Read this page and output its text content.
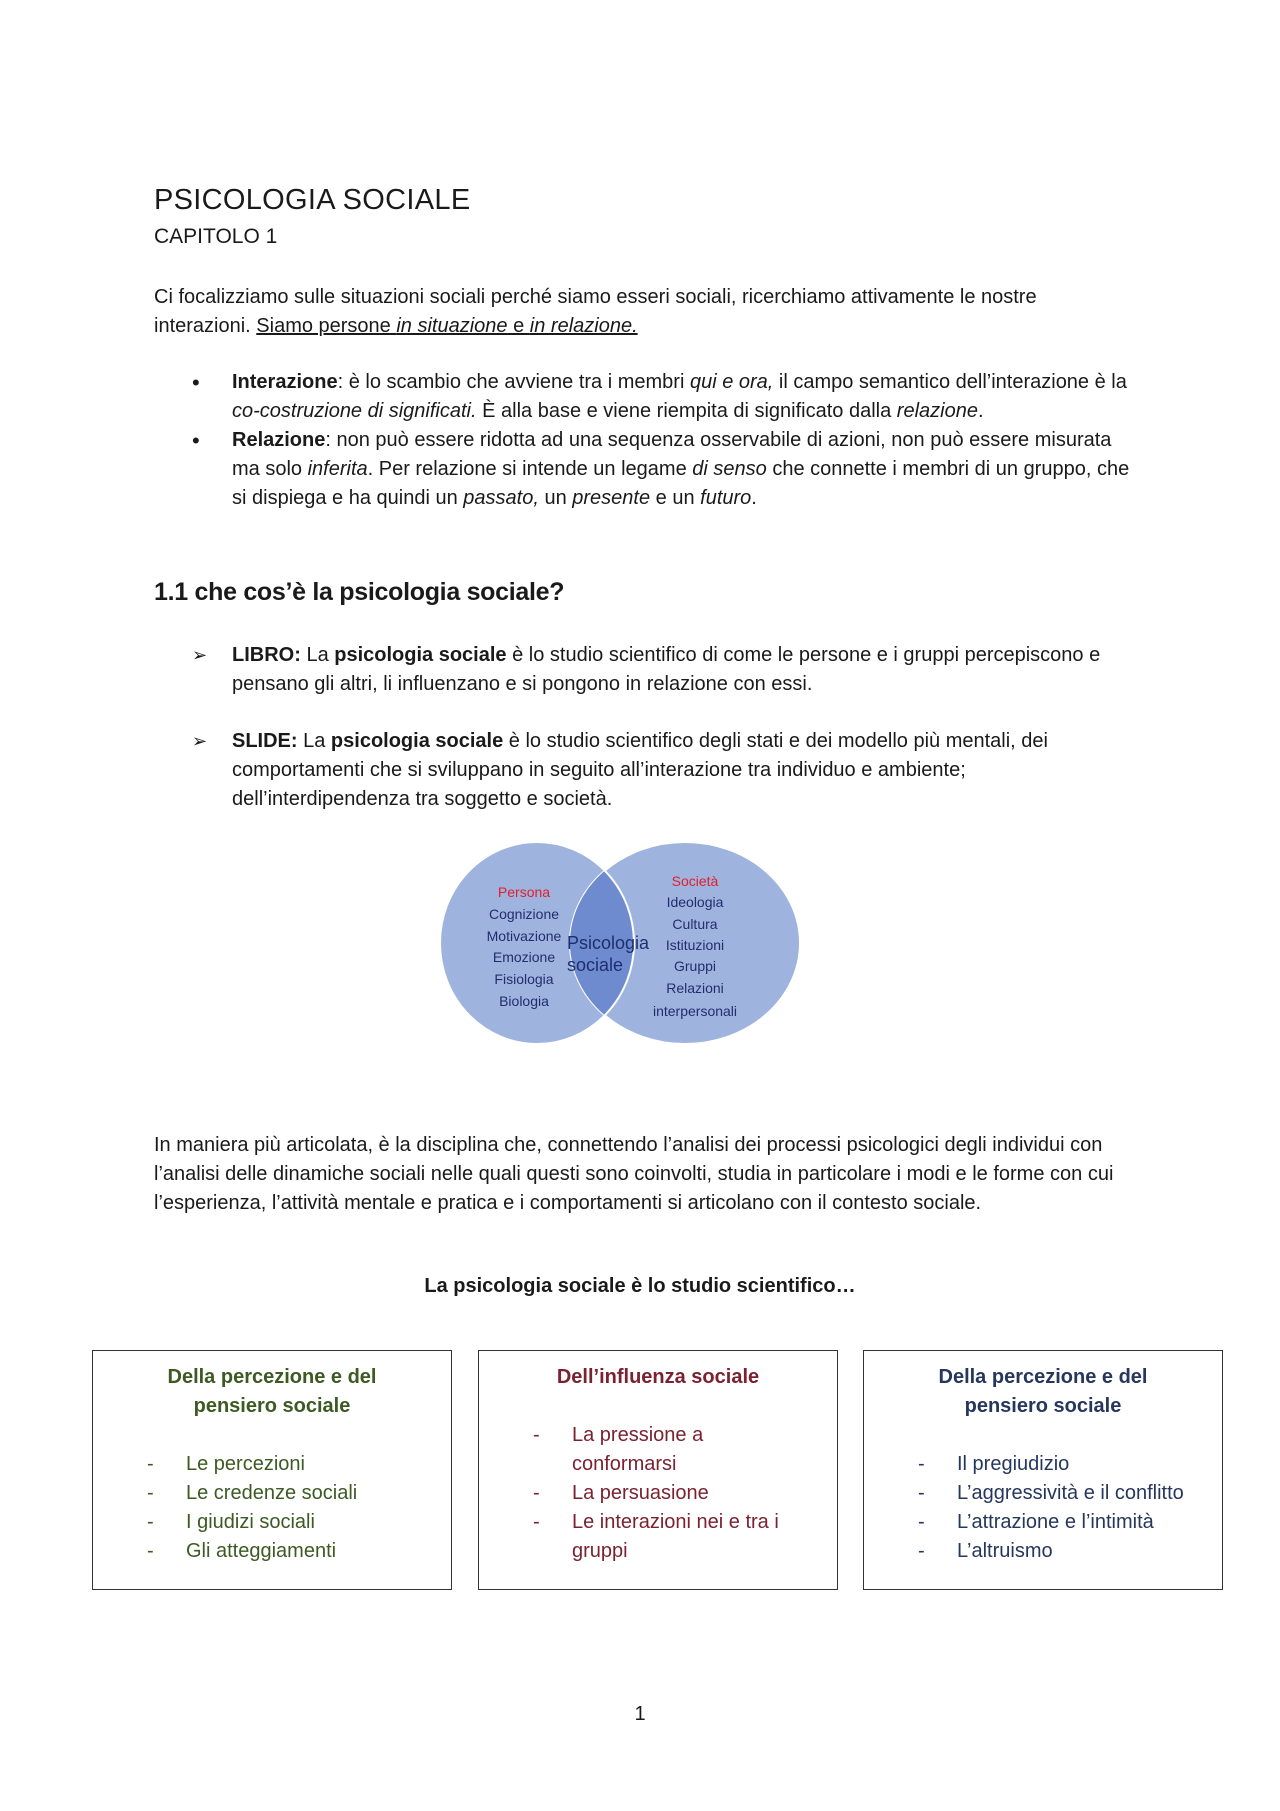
PSICOLOGIA SOCIALE
CAPITOLO 1
Ci focalizziamo sulle situazioni sociali perché siamo esseri sociali, ricerchiamo attivamente le nostre interazioni. Siamo persone in situazione e in relazione.
• Interazione: è lo scambio che avviene tra i membri qui e ora, il campo semantico dell’interazione è la co-costruzione di significati. È alla base e viene riempita di significato dalla relazione.
• Relazione: non può essere ridotta ad una sequenza osservabile di azioni, non può essere misurata ma solo inferita. Per relazione si intende un legame di senso che connette i membri di un gruppo, che si dispiega e ha quindi un passato, un presente e un futuro.
1.1 che cos’è la psicologia sociale?
➢ LIBRO: La psicologia sociale è lo studio scientifico di come le persone e i gruppi percepiscono e pensano gli altri, li influenzano e si pongono in relazione con essi.
➢ SLIDE: La psicologia sociale è lo studio scientifico degli stati e dei modello più mentali, dei comportamenti che si sviluppano in seguito all’interazione tra individuo e ambiente; dell’interdipendenza tra soggetto e società.
Persona
Cognizione
Motivazione
Emozione
Fisiologia
Biologia
Psicologia
sociale
Società
Ideologia
Cultura
Istituzioni
Gruppi
Relazioni
interpersonali
In maniera più articolata, è la disciplina che, connettendo l’analisi dei processi psicologici degli individui con l’analisi delle dinamiche sociali nelle quali questi sono coinvolti, studia in particolare i modi e le forme con cui l’esperienza, l’attività mentale e pratica e i comportamenti si articolano con il contesto sociale.
La psicologia sociale è lo studio scientifico…
Della percezione e del pensiero sociale
- Le percezioni
- Le credenze sociali
- I giudizi sociali
- Gli atteggiamenti
Dell’influenza sociale
- La pressione a conformarsi
- La persuasione
- Le interazioni nei e tra i gruppi
Della percezione e del pensiero sociale
- Il pregiudizio
- L’aggressività e il conflitto
- L’attrazione e l’intimità
- L’altruismo
1
